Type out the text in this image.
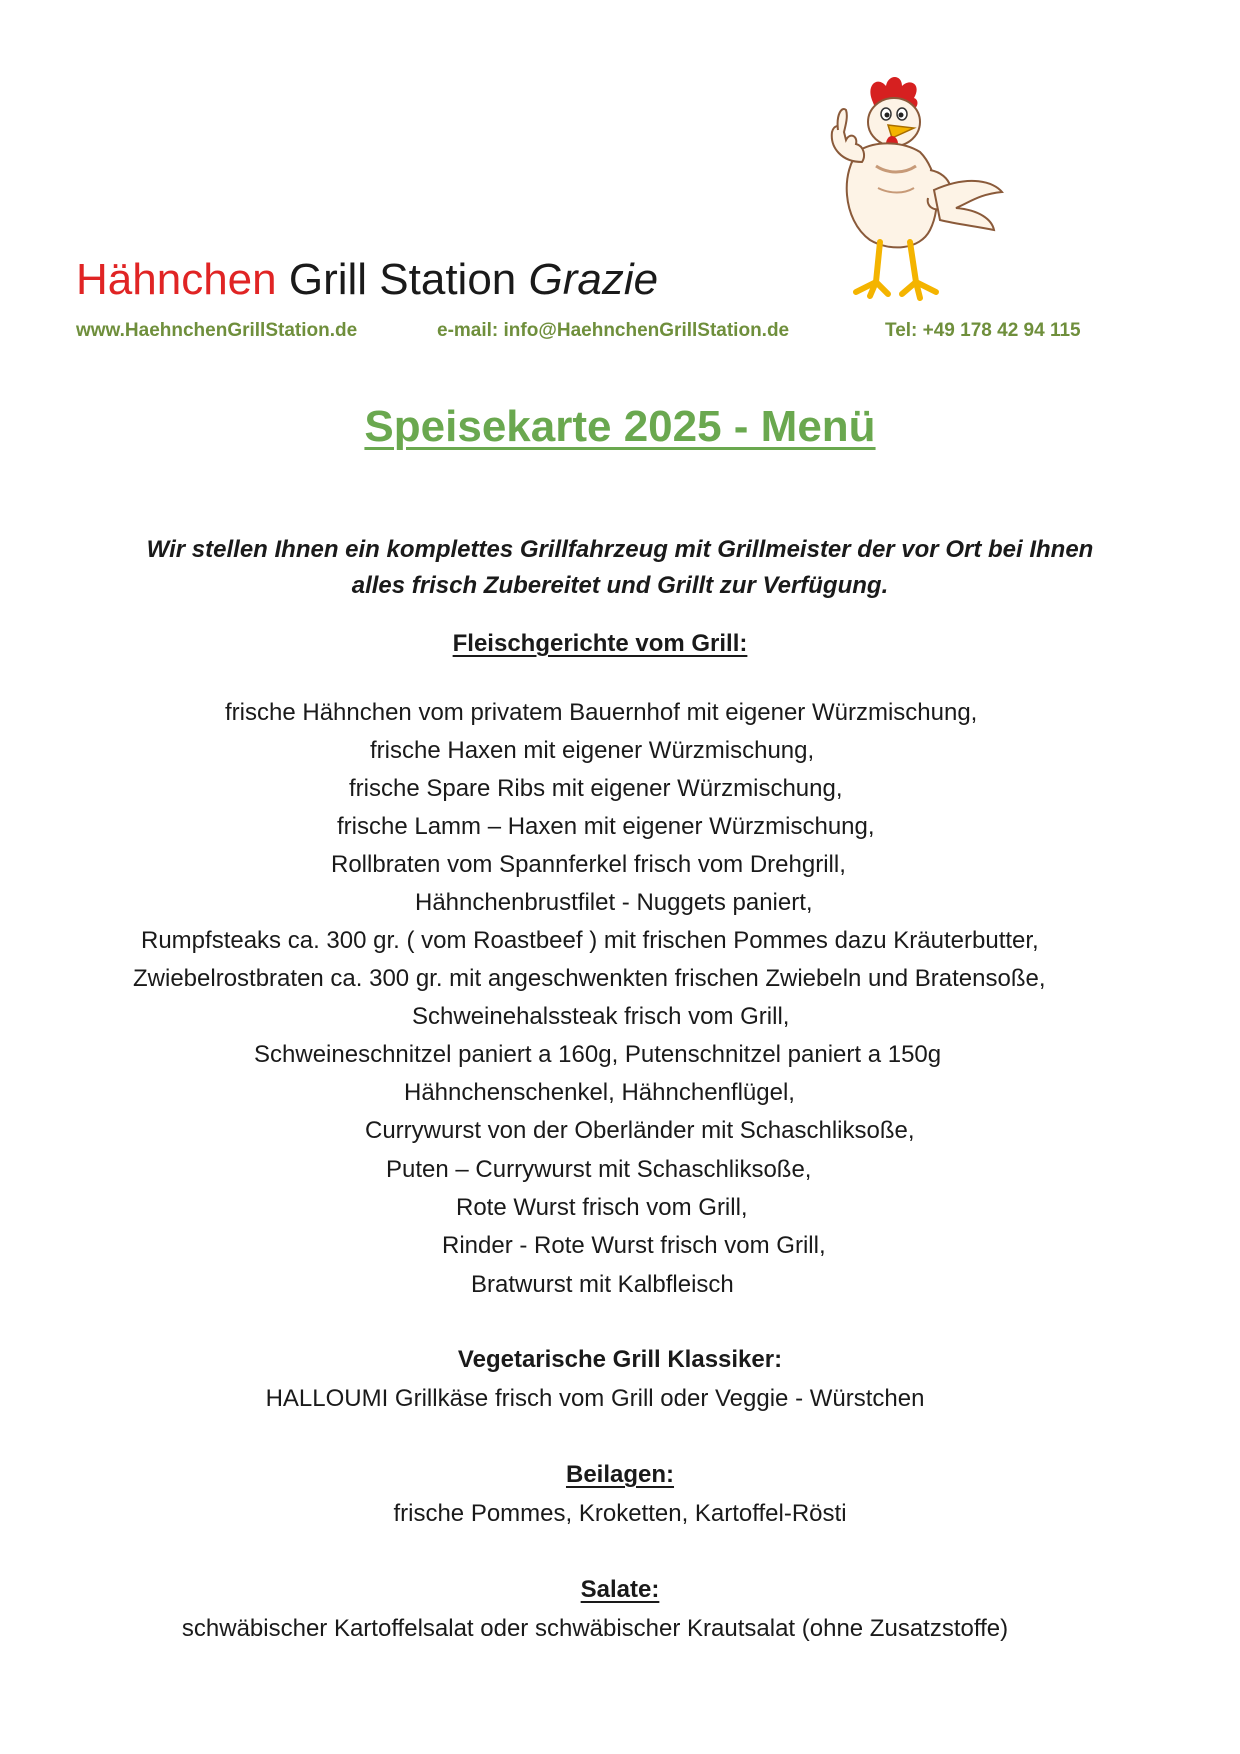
Hähnchen Grill Station Grazie
www.HaehnchenGrillStation.de	e-mail: info@HaehnchenGrillStation.de	Tel: +49 178 42 94 115
Speisekarte 2025 - Menü
Wir stellen Ihnen ein komplettes Grillfahrzeug mit Grillmeister der vor Ort bei Ihnen
alles frisch Zubereitet und Grillt zur Verfügung.
Fleischgerichte vom Grill:
frische Hähnchen vom privatem Bauernhof mit eigener Würzmischung,
frische Haxen mit eigener Würzmischung,
frische Spare Ribs mit eigener Würzmischung,
frische Lamm – Haxen mit eigener Würzmischung,
Rollbraten vom Spannferkel frisch vom Drehgrill,
Hähnchenbrustfilet - Nuggets paniert,
Rumpfsteaks ca. 300 gr. ( vom Roastbeef ) mit frischen Pommes dazu Kräuterbutter,
Zwiebelrostbraten ca. 300 gr. mit angeschwenkten frischen Zwiebeln und Bratensoße,
Schweinehalssteak frisch vom Grill,
Schweineschnitzel paniert a 160g, Putenschnitzel paniert a 150g
Hähnchenschenkel, Hähnchenflügel,
Currywurst von der Oberländer mit Schaschliksoße,
Puten – Currywurst mit Schaschliksoße,
Rote Wurst frisch vom Grill,
Rinder - Rote Wurst frisch vom Grill,
Bratwurst mit Kalbfleisch
Vegetarische Grill Klassiker:
HALLOUMI Grillkäse frisch vom Grill oder Veggie - Würstchen
Beilagen:
frische Pommes, Kroketten, Kartoffel-Rösti
Salate:
schwäbischer Kartoffelsalat oder schwäbischer Krautsalat (ohne Zusatzstoffe)
